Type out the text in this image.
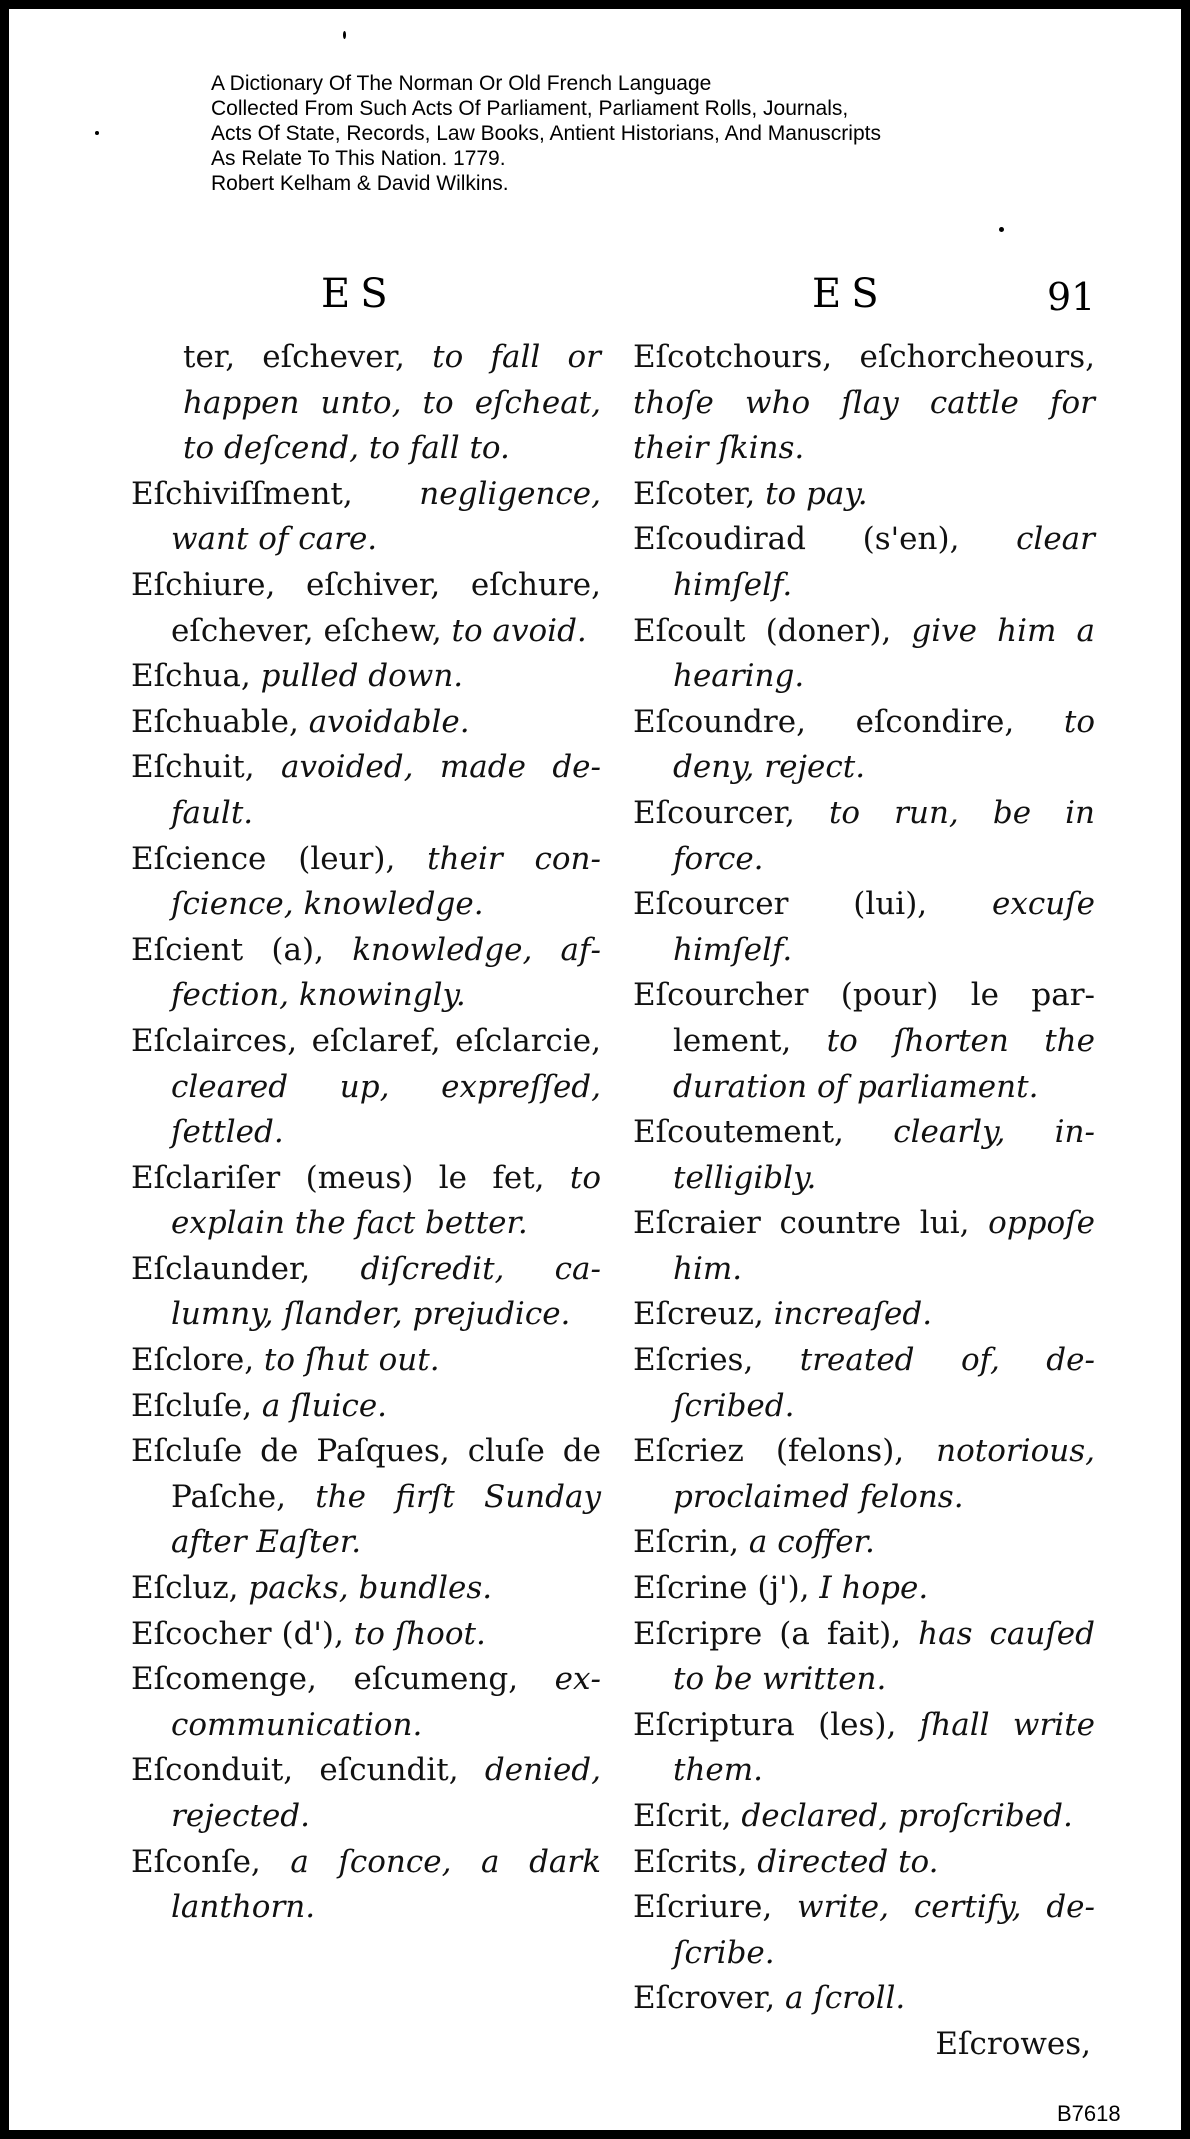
A Dictionary Of The Norman Or Old French Language
Collected From Such Acts Of Parliament, Parliament Rolls, Journals,
Acts Of State, Records, Law Books, Antient Historians, And Manuscripts
As Relate To This Nation. 1779.
Robert Kelham & David Wilkins.
ES	ES	91
ter, eſchever, to fall or happen unto, to eſcheat, to deſcend, to fall to.
Eſchiviſſment, negligence, want of care.
Eſchiure, eſchiver, eſchure, eſchever, eſchew, to avoid.
Eſchua, pulled down.
Eſchuable, avoidable.
Eſchuit, avoided, made default.
Eſcience (leur), their conſcience, knowledge.
Eſcient (a), knowledge, affection, knowingly.
Eſclairces, eſclaref, eſclarcie, cleared up, expreſſed, ſettled.
Eſclariſer (meus) le fet, to explain the fact better.
Eſclaunder, diſcredit, calumny, ſlander, prejudice.
Eſclore, to ſhut out.
Eſcluſe, a ſluice.
Eſcluſe de Paſques, cluſe de Paſche, the firſt Sunday after Eaſter.
Eſcluz, packs, bundles.
Eſcocher (d'), to ſhoot.
Eſcomenge, eſcumeng, excommunication.
Eſconduit, eſcundit, denied, rejected.
Eſconſe, a ſconce, a dark lanthorn.
Eſcotchours, eſchorcheours, thoſe who ſlay cattle for their ſkins.
Eſcoter, to pay.
Eſcoudirad (s'en), clear himſelf.
Eſcoult (doner), give him a hearing.
Eſcoundre, eſcondire, to deny, reject.
Eſcourcer, to run, be in force.
Eſcourcer (lui), excuſe himſelf.
Eſcourcher (pour) le parlement, to ſhorten the duration of parliament.
Eſcoutement, clearly, intelligibly.
Eſcraier countre lui, oppoſe him.
Eſcreuz, increaſed.
Eſcries, treated of, deſcribed.
Eſcriez (felons), notorious, proclaimed felons.
Eſcrin, a coffer.
Eſcrine (j'), I hope.
Eſcripre (a fait), has cauſed to be written.
Eſcriptura (les), ſhall write them.
Eſcrit, declared, proſcribed.
Eſcrits, directed to.
Eſcriure, write, certify, deſcribe.
Eſcrover, a ſcroll.
Eſcrowes,
B7618
